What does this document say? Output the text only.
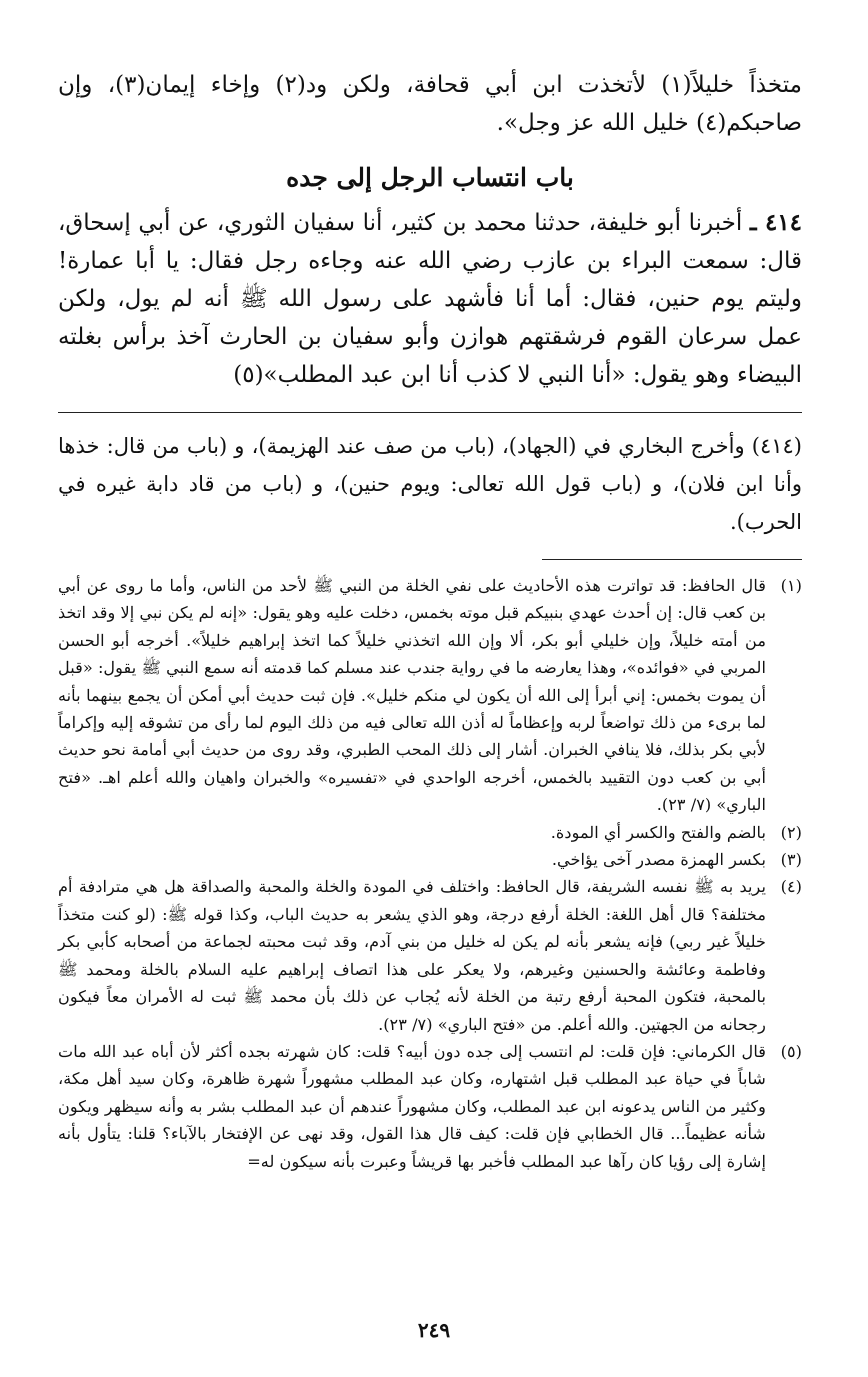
متخذاً خليلاً(١) لأتخذت ابن أبي قحافة، ولكن ود(٢) وإخاء إيمان(٣)، وإن صاحبكم(٤) خليل الله عز وجل».

باب انتساب الرجل إلى جده

٤١٤ ـ أخبرنا أبو خليفة، حدثنا محمد بن كثير، أنا سفيان الثوري، عن أبي إسحاق، قال: سمعت البراء بن عازب رضي الله عنه وجاءه رجل فقال: يا أبا عمارة! وليتم يوم حنين، فقال: أما أنا فأشهد على رسول الله ﷺ أنه لم يول، ولكن عمل سرعان القوم فرشقتهم هوازن وأبو سفيان بن الحارث آخذ برأس بغلته البيضاء وهو يقول: «أنا النبي لا كذب أنا ابن عبد المطلب»(٥)

(٤١٤) وأخرج البخاري في (الجهاد)، (باب من صف عند الهزيمة)، و (باب من قال: خذها وأنا ابن فلان)، و (باب قول الله تعالى: ويوم حنين)، و (باب من قاد دابة غيره في الحرب).

(١)
قال الحافظ: قد تواترت هذه الأحاديث على نفي الخلة من النبي ﷺ لأحد من الناس، وأما ما روى عن أبي بن كعب قال: إن أحدث عهدي بنبيكم قبل موته بخمس، دخلت عليه وهو يقول: «إنه لم يكن نبي إلا وقد اتخذ من أمته خليلاً، وإن خليلي أبو بكر، ألا وإن الله اتخذني خليلاً كما اتخذ إبراهيم خليلاً». أخرجه أبو الحسن المربي في «فوائده»، وهذا يعارضه ما في رواية جندب عند مسلم كما قدمته أنه سمع النبي ﷺ يقول: «قبل أن يموت بخمس: إني أبرأ إلى الله أن يكون لي منكم خليل». فإن ثبت حديث أبي أمكن أن يجمع بينهما بأنه لما برىء من ذلك تواضعاً لربه وإعظاماً له أذن الله تعالى فيه من ذلك اليوم لما رأى من تشوقه إليه وإكراماً لأبي بكر بذلك، فلا ينافي الخبران. أشار إلى ذلك المحب الطبري، وقد روى من حديث أبي أمامة نحو حديث أبي بن كعب دون التقييد بالخمس، أخرجه الواحدي في «تفسيره» والخبران واهيان والله أعلم اهـ. «فتح الباري» (٧/ ٢٣).
(٢)
بالضم والفتح والكسر أي المودة.
(٣)
بكسر الهمزة مصدر آخى يؤاخي.
(٤)
يريد به ﷺ نفسه الشريفة، قال الحافظ: واختلف في المودة والخلة والمحبة والصداقة هل هي مترادفة أم مختلفة؟ قال أهل اللغة: الخلة أرفع درجة، وهو الذي يشعر به حديث الباب، وكذا قوله ﷺ: (لو كنت متخذاً خليلاً غير ربي) فإنه يشعر بأنه لم يكن له خليل من بني آدم، وقد ثبت محبته لجماعة من أصحابه كأبي بكر وفاطمة وعائشة والحسنين وغيرهم، ولا يعكر على هذا اتصاف إبراهيم عليه السلام بالخلة ومحمد ﷺ بالمحبة، فتكون المحبة أرفع رتبة من الخلة لأنه يُجاب عن ذلك بأن محمد ﷺ ثبت له الأمران معاً فيكون رجحانه من الجهتين. والله أعلم. من «فتح الباري» (٧/ ٢٣).
(٥)
قال الكرماني: فإن قلت: لم انتسب إلى جده دون أبيه؟ قلت: كان شهرته بجده أكثر لأن أباه عبد الله مات شاباً في حياة عبد المطلب قبل اشتهاره، وكان عبد المطلب مشهوراً شهرة ظاهرة، وكان سيد أهل مكة، وكثير من الناس يدعونه ابن عبد المطلب، وكان مشهوراً عندهم أن عبد المطلب بشر به وأنه سيظهر ويكون شأنه عظيماً... قال الخطابي فإن قلت: كيف قال هذا القول، وقد نهى عن الإفتخار بالآباء؟ قلنا: يتأول بأنه إشارة إلى رؤيا كان رآها عبد المطلب فأخبر بها قريشاً وعبرت بأنه سيكون له=
٢٤٩
